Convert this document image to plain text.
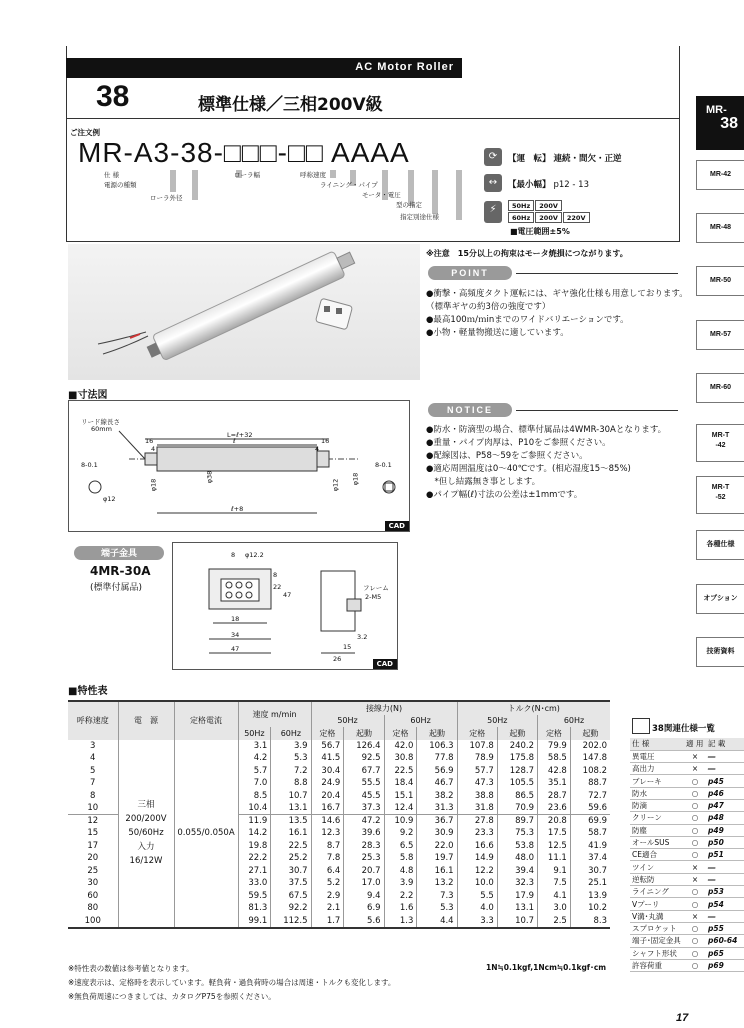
AC Motor Roller
38	標準仕様／三相200V級
ご注文例
MR-A3-38-□□□-□□ AAAA
仕 様
電源の種類
ローラ外径
ローラ幅	呼称速度
ライニング・パイプ
モータ・電圧
型の指定
指定別途仕様
⟳	【運　転】 連続・間欠・正逆
↔	【最小幅】 p12 - 13
⚡	50Hz	200V
60Hz	200V	220V
■電圧範囲±5%
MR-
38
MR-42
MR-48
MR-50
MR-57
MR-60
MR-T
-42
MR-T
-52
各種仕様
オプション
技術資料
※注意　15分以上の拘束はモータ焼損につながります。
POINT
●衝撃・高頻度タクト運転には、ギヤ強化仕様も用意しております。
（標準ギヤの約3倍の強度です）
●最高100ｍ/ｍinまでのワイドバリエーションです。
●小物・軽量物搬送に適しています。
■寸法図
リード線長さ
60mm
L=ℓ+32
ℓ
ℓ+8
16
4
16
4
8-0.1	8-0.1
φ12
φ18
φ38
φ12 φ18
CAD
NOTICE
●防水・防滴型の場合、標準付属品は4WMR-30Aとなります。
●重量・パイプ肉厚は、P10をご参照ください。
●配線図は、P58～59をご参照ください。
●適応周囲温度は0～40℃です。(相応湿度15～85%)
　*但し結露無き事とします。
●パイプ幅(ℓ)寸法の公差は±1mmです。
端子金具
4MR-30A
(標準付属品)
8 φ12.2
22
47
8
18
34
47
フレーム
2-M5
3.2
15
26
CAD
■特性表
呼称速度	電　源	定格電流	速度 m/min		接線力(N)				トルク(N･cm)			
					50Hz		60Hz		50Hz		60Hz	
			50Hz	60Hz	定格	起動	定格	起動	定格	起動	定格	起動
3	三相
200/200V
50/60Hz
入力
16/12W	0.055/0.050A	3.1	3.9	56.7	126.4	42.0	106.3	107.8	240.2	79.9	202.0
4			4.2	5.3	41.5	92.5	30.8	77.8	78.9	175.8	58.5	147.8
5			5.7	7.2	30.4	67.7	22.5	56.9	57.7	128.7	42.8	108.2
7			7.0	8.8	24.9	55.5	18.4	46.7	47.3	105.5	35.1	88.7
8			8.5	10.7	20.4	45.5	15.1	38.2	38.8	86.5	28.7	72.7
10			10.4	13.1	16.7	37.3	12.4	31.3	31.8	70.9	23.6	59.6
12			11.9	13.5	14.6	47.2	10.9	36.7	27.8	89.7	20.8	69.9
15			14.2	16.1	12.3	39.6	9.2	30.9	23.3	75.3	17.5	58.7
17			19.8	22.5	8.7	28.3	6.5	22.0	16.6	53.8	12.5	41.9
20			22.2	25.2	7.8	25.3	5.8	19.7	14.9	48.0	11.1	37.4
25			27.1	30.7	6.4	20.7	4.8	16.1	12.2	39.4	9.1	30.7
30			33.0	37.5	5.2	17.0	3.9	13.2	10.0	32.3	7.5	25.1
60			59.5	67.5	2.9	9.4	2.2	7.3	5.5	17.9	4.1	13.9
80			81.3	92.2	2.1	6.9	1.6	5.3	4.0	13.1	3.0	10.2
100			99.1	112.5	1.7	5.6	1.3	4.4	3.3	10.7	2.5	8.3
※特性表の数値は参考値となります。
※速度表示は、定格時を表示しています。軽負荷・過負荷時の場合は周速・トルクも変化します。
※無負荷周速につきましては、カタログP75を参照ください。
1N≒0.1kgf,1Ncm≒0.1kgf･cm
38関連仕様一覧
仕 様	適 用	記 載
異電圧	×	―
高出力	×	―
ブレーキ	○	p45
防水	○	p46
防滴	○	p47
クリーン	○	p48
防塵	○	p49
オールSUS	○	p50
CE適合	○	p51
ツイン	×	―
逆転防	×	―
ライニング	○	p53
Vプーリ	○	p54
V溝･丸溝	×	―
スプロケット	○	p55
端子･固定金具	○	p60-64
シャフト形状	○	p65
許容荷重	○	p69
17
